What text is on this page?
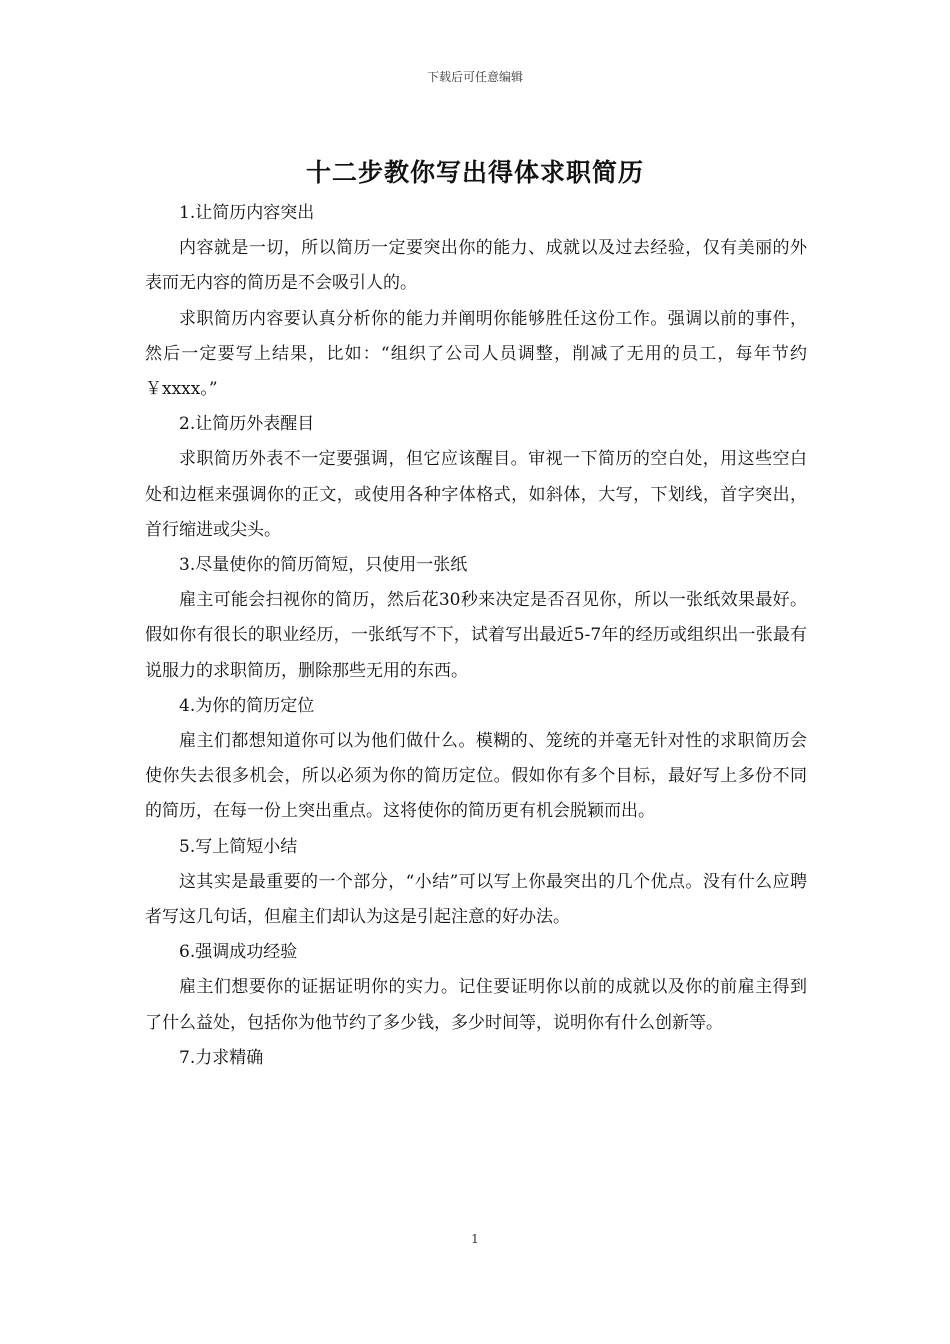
下载后可任意编辑
十二步教你写出得体求职简历

1.让简历内容突出

内容就是一切，所以简历一定要突出你的能力、成就以及过去经验，仅有美丽的外表而无内容的简历是不会吸引人的。

求职简历内容要认真分析你的能力并阐明你能够胜任这份工作。强调以前的事件，然后一定要写上结果，比如：“组织了公司人员调整，削减了无用的员工，每年节约￥xxxx。”

2.让简历外表醒目

求职简历外表不一定要强调，但它应该醒目。审视一下简历的空白处，用这些空白处和边框来强调你的正文，或使用各种字体格式，如斜体，大写，下划线，首字突出，首行缩进或尖头。

3.尽量使你的简历简短，只使用一张纸

雇主可能会扫视你的简历，然后花30秒来决定是否召见你，所以一张纸效果最好。假如你有很长的职业经历，一张纸写不下，试着写出最近5-7年的经历或组织出一张最有说服力的求职简历，删除那些无用的东西。

4.为你的简历定位

雇主们都想知道你可以为他们做什么。模糊的、笼统的并毫无针对性的求职简历会使你失去很多机会，所以必须为你的简历定位。假如你有多个目标，最好写上多份不同的简历，在每一份上突出重点。这将使你的简历更有机会脱颖而出。

5.写上简短小结

这其实是最重要的一个部分，“小结”可以写上你最突出的几个优点。没有什么应聘者写这几句话，但雇主们却认为这是引起注意的好办法。

6.强调成功经验

雇主们想要你的证据证明你的实力。记住要证明你以前的成就以及你的前雇主得到了什么益处，包括你为他节约了多少钱，多少时间等，说明你有什么创新等。

7.力求精确

1
